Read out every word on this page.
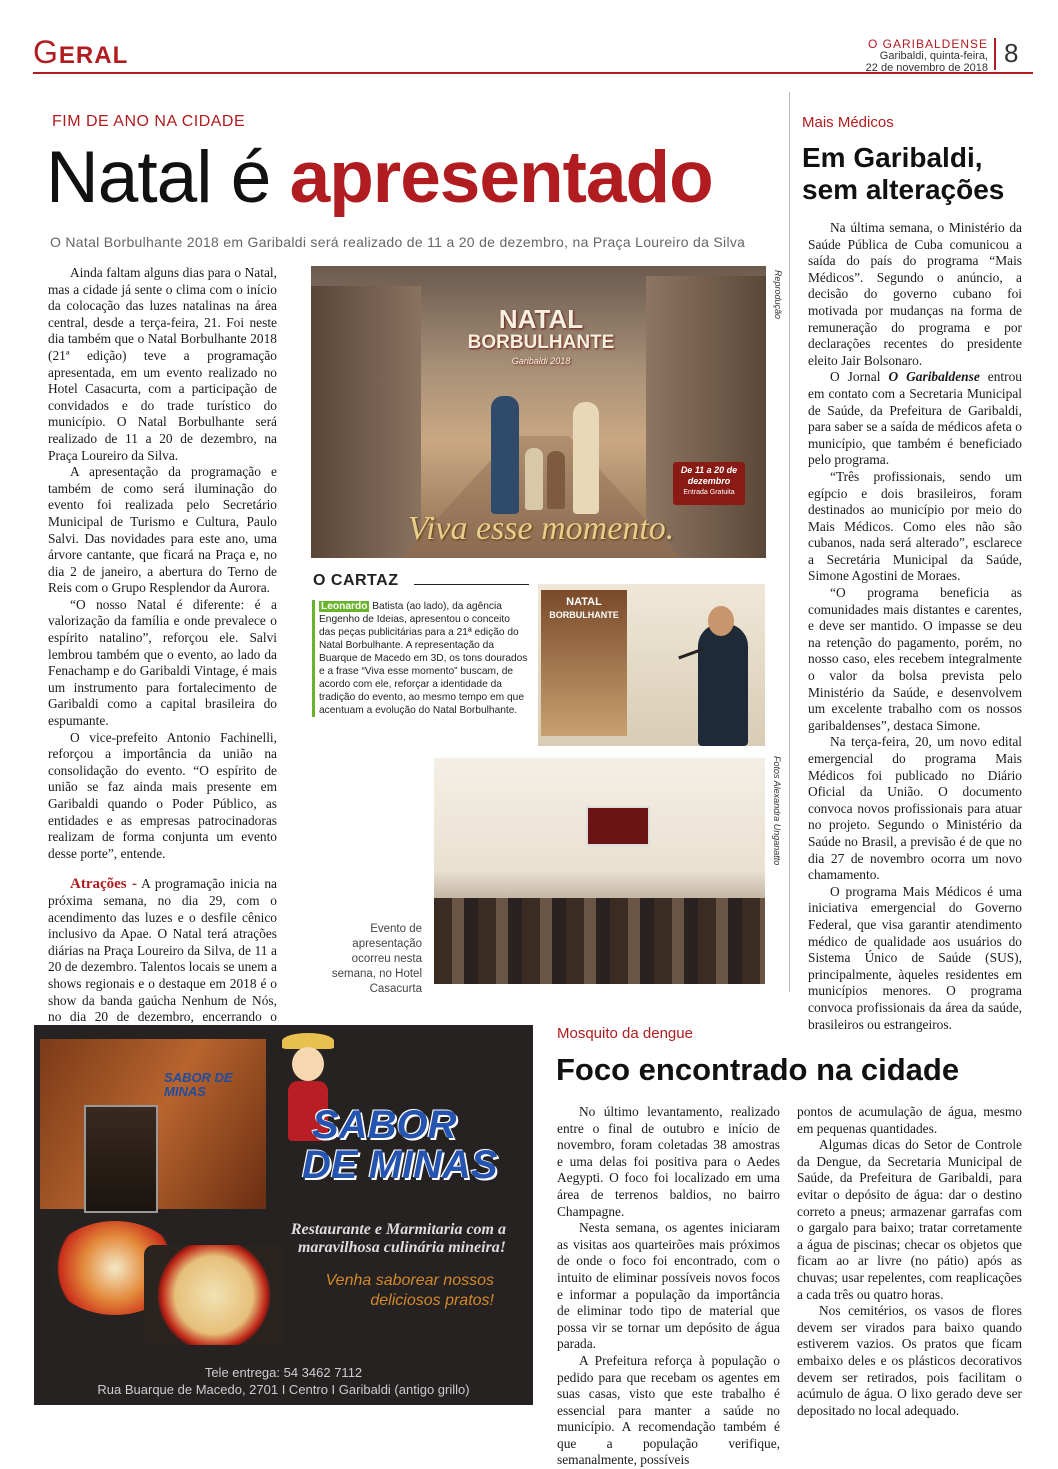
GERAL	O GARIBALDENSE
Garibaldi, quinta-feira,
22 de novembro de 2018 8
FIM DE ANO NA CIDADE
Natal é apresentado
O Natal Borbulhante 2018 em Garibaldi será realizado de 11 a 20 de dezembro, na Praça Loureiro da Silva

Ainda faltam alguns dias para o Natal, mas a cidade já sente o clima com o início da colocação das luzes natalinas na área central, desde a terça-feira, 21. Foi neste dia também que o Natal Borbulhante 2018 (21ª edição) teve a programação apresentada, em um evento realizado no Hotel Casacurta, com a participação de convidados e do trade turístico do município. O Natal Borbulhante será realizado de 11 a 20 de dezembro, na Praça Loureiro da Silva.

A apresentação da programação e também de como será iluminação do evento foi realizada pelo Secretário Municipal de Turismo e Cultura, Paulo Salvi. Das novidades para este ano, uma árvore cantante, que ficará na Praça e, no dia 2 de janeiro, a abertura do Terno de Reis com o Grupo Resplendor da Aurora.

“O nosso Natal é diferente: é a valorização da família e onde prevalece o espírito natalino”, reforçou ele. Salvi lembrou também que o evento, ao lado da Fenachamp e do Garibaldi Vintage, é mais um instrumento para fortalecimento de Garibaldi como a capital brasileira do espumante.

O vice-prefeito Antonio Fachinelli, reforçou a importância da união na consolidação do evento. “O espírito de união se faz ainda mais presente em Garibaldi quando o Poder Público, as entidades e as empresas patrocinadoras realizam de forma conjunta um evento desse porte”, entende.

Atrações - A programação inicia na próxima semana, no dia 29, com o acendimento das luzes e o desfile cênico inclusivo da Apae. O Natal terá atrações diárias na Praça Loureiro da Silva, de 11 a 20 de dezembro. Talentos locais se unem a shows regionais e o destaque em 2018 é o show da banda gaúcha Nenhum de Nós, no dia 20 de dezembro, encerrando o

NATAL
BORBULHANTE
Garibaldi 2018
De 11 a 20 de dezembro
Entrada Gratuita
Viva esse momento.
Reprodução
O CARTAZ
Leonardo Batista (ao lado), da agência Engenho de Ideias, apresentou o conceito das peças publicitárias para a 21ª edição do Natal Borbulhante. A representação da Buarque de Macedo em 3D, os tons dourados e a frase “Viva esse momento” buscam, de acordo com ele, reforçar a identidade da tradição do evento, ao mesmo tempo em que acentuam a evolução do Natal Borbulhante.
NATAL
BORBULHANTE
Fotos Alexandra Unganatto
Evento de apresentação ocorreu nesta semana, no Hotel Casacurta
Mais Médicos
Em Garibaldi, sem alterações

Na última semana, o Ministério da Saúde Pública de Cuba comunicou a saída do país do programa “Mais Médicos”. Segundo o anúncio, a decisão do governo cubano foi motivada por mudanças na forma de remuneração do programa e por declarações recentes do presidente eleito Jair Bolsonaro.

O Jornal O Garibaldense entrou em contato com a Secretaria Municipal de Saúde, da Prefeitura de Garibaldi, para saber se a saída de médicos afeta o município, que também é beneficiado pelo programa.

“Três profissionais, sendo um egípcio e dois brasileiros, foram destinados ao município por meio do Mais Médicos. Como eles não são cubanos, nada será alterado”, esclarece a Secretária Municipal da Saúde, Simone Agostini de Moraes.

“O programa beneficia as comunidades mais distantes e carentes, e deve ser mantido. O impasse se deu na retenção do pagamento, porém, no nosso caso, eles recebem integralmente o valor da bolsa prevista pelo Ministério da Saúde, e desenvolvem um excelente trabalho com os nossos garibaldenses”, destaca Simone.

Na terça-feira, 20, um novo edital emergencial do programa Mais Médicos foi publicado no Diário Oficial da União. O documento convoca novos profissionais para atuar no projeto. Segundo o Ministério da Saúde no Brasil, a previsão é de que no dia 27 de novembro ocorra um novo chamamento.

O programa Mais Médicos é uma iniciativa emergencial do Governo Federal, que visa garantir atendimento médico de qualidade aos usuários do Sistema Único de Saúde (SUS), principalmente, àqueles residentes em municípios menores. O programa convoca profissionais da área da saúde, brasileiros ou estrangeiros.

SABOR DE MINAS
SABOR
DE MINAS
Restaurante e Marmitaria com a maravilhosa culinária mineira!
Venha saborear nossos deliciosos pratos!
Tele entrega: 54 3462 7112
Rua Buarque de Macedo, 2701 I Centro I Garibaldi (antigo grillo)
Mosquito da dengue
Foco encontrado na cidade

No último levantamento, realizado entre o final de outubro e início de novembro, foram coletadas 38 amostras e uma delas foi positiva para o Aedes Aegypti. O foco foi localizado em uma área de terrenos baldios, no bairro Champagne.

Nesta semana, os agentes iniciaram as visitas aos quarteirões mais próximos de onde o foco foi encontrado, com o intuito de eliminar possíveis novos focos e informar a população da importância de eliminar todo tipo de material que possa vir se tornar um depósito de água parada.

A Prefeitura reforça à população o pedido para que recebam os agentes em suas casas, visto que este trabalho é essencial para manter a saúde no município. A recomendação também é que a população verifique, semanalmente, possíveis

pontos de acumulação de água, mesmo em pequenas quantidades.

Algumas dicas do Setor de Controle da Dengue, da Secretaria Municipal de Saúde, da Prefeitura de Garibaldi, para evitar o depósito de água: dar o destino correto a pneus; armazenar garrafas com o gargalo para baixo; tratar corretamente a água de piscinas; checar os objetos que ficam ao ar livre (no pátio) após as chuvas; usar repelentes, com reaplicações a cada três ou quatro horas.

Nos cemitérios, os vasos de flores devem ser virados para baixo quando estiverem vazios. Os pratos que ficam embaixo deles e os plásticos decorativos devem ser retirados, pois facilitam o acúmulo de água. O lixo gerado deve ser depositado no local adequado.
